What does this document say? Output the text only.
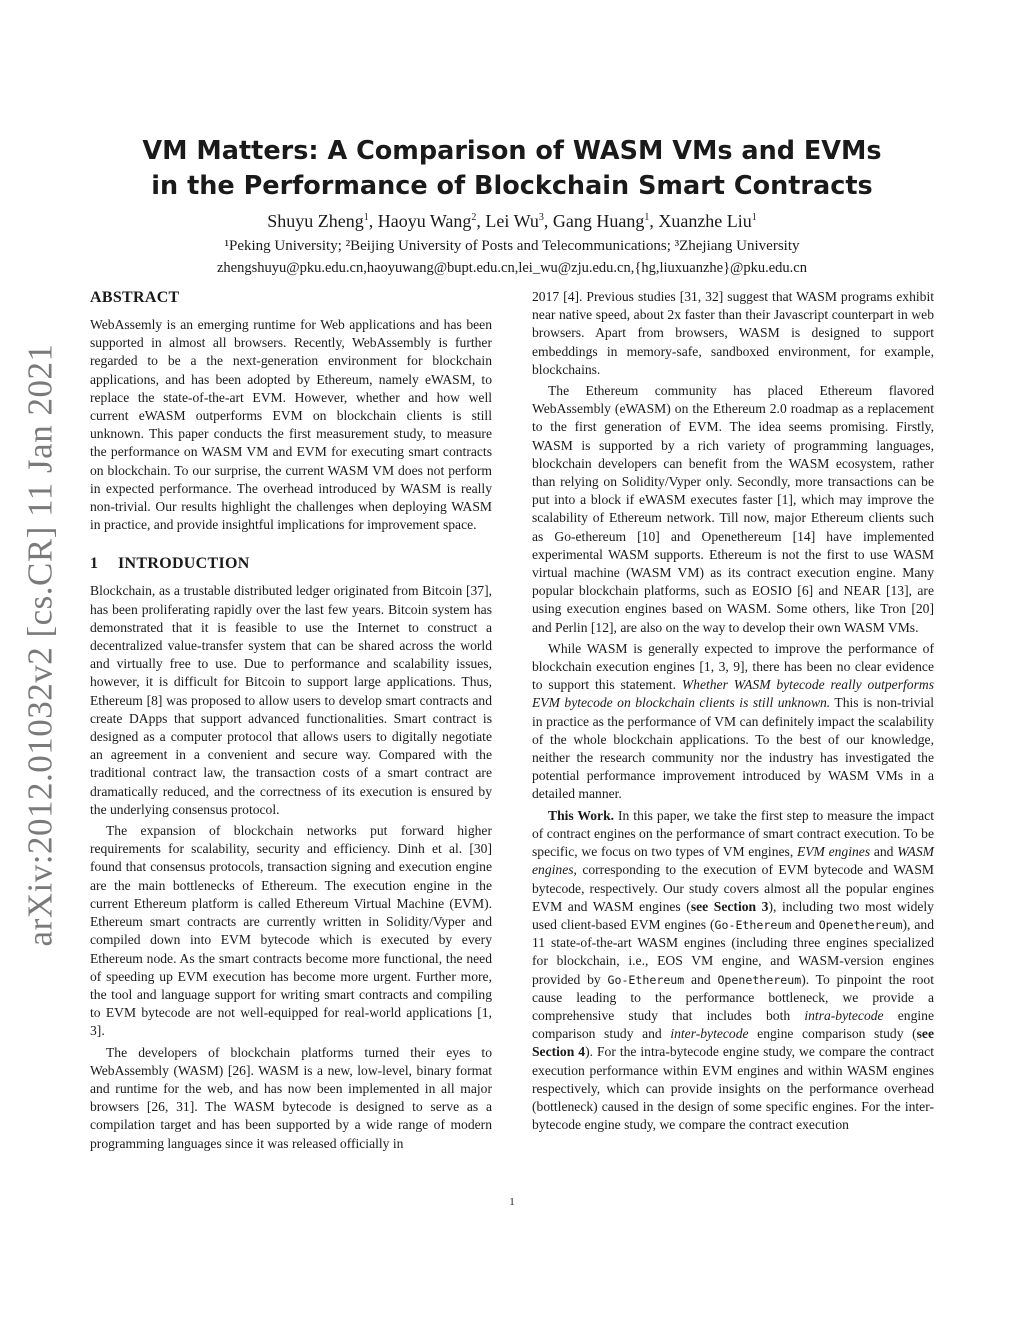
arXiv:2012.01032v2 [cs.CR] 11 Jan 2021
VM Matters: A Comparison of WASM VMs and EVMs
in the Performance of Blockchain Smart Contracts
Shuyu Zheng$^1$, Haoyu Wang$^2$, Lei Wu$^3$, Gang Huang$^1$, Xuanzhe Liu$^1$
¹Peking University; ²Beijing University of Posts and Telecommunications; ³Zhejiang University
zhengshuyu@pku.edu.cn,haoyuwang@bupt.edu.cn,lei_wu@zju.edu.cn,{hg,liuxuanzhe}@pku.edu.cn
ABSTRACT

WebAssemly is an emerging runtime for Web applications and has been supported in almost all browsers. Recently, WebAssembly is further regarded to be a the next-generation environment for blockchain applications, and has been adopted by Ethereum, namely eWASM, to replace the state-of-the-art EVM. However, whether and how well current eWASM outperforms EVM on blockchain clients is still unknown. This paper conducts the first measurement study, to measure the performance on WASM VM and EVM for executing smart contracts on blockchain. To our surprise, the current WASM VM does not perform in expected performance. The overhead introduced by WASM is really non-trivial. Our results highlight the challenges when deploying WASM in practice, and provide insightful implications for improvement space.

1 INTRODUCTION

Blockchain, as a trustable distributed ledger originated from Bitcoin [37], has been proliferating rapidly over the last few years. Bitcoin system has demonstrated that it is feasible to use the Internet to construct a decentralized value-transfer system that can be shared across the world and virtually free to use. Due to performance and scalability issues, however, it is difficult for Bitcoin to support large applications. Thus, Ethereum [8] was proposed to allow users to develop smart contracts and create DApps that support advanced functionalities. Smart contract is designed as a computer protocol that allows users to digitally negotiate an agreement in a convenient and secure way. Compared with the traditional contract law, the transaction costs of a smart contract are dramatically reduced, and the correctness of its execution is ensured by the underlying consensus protocol.

The expansion of blockchain networks put forward higher requirements for scalability, security and efficiency. Dinh et al. [30] found that consensus protocols, transaction signing and execution engine are the main bottlenecks of Ethereum. The execution engine in the current Ethereum platform is called Ethereum Virtual Machine (EVM). Ethereum smart contracts are currently written in Solidity/Vyper and compiled down into EVM bytecode which is executed by every Ethereum node. As the smart contracts become more functional, the need of speeding up EVM execution has become more urgent. Further more, the tool and language support for writing smart contracts and compiling to EVM bytecode are not well-equipped for real-world applications [1, 3].

The developers of blockchain platforms turned their eyes to WebAssembly (WASM) [26]. WASM is a new, low-level, binary format and runtime for the web, and has now been implemented in all major browsers [26, 31]. The WASM bytecode is designed to serve as a compilation target and has been supported by a wide range of modern programming languages since it was released officially in

2017 [4]. Previous studies [31, 32] suggest that WASM programs exhibit near native speed, about 2x faster than their Javascript counterpart in web browsers. Apart from browsers, WASM is designed to support embeddings in memory-safe, sandboxed environment, for example, blockchains.

The Ethereum community has placed Ethereum flavored WebAssembly (eWASM) on the Ethereum 2.0 roadmap as a replacement to the first generation of EVM. The idea seems promising. Firstly, WASM is supported by a rich variety of programming languages, blockchain developers can benefit from the WASM ecosystem, rather than relying on Solidity/Vyper only. Secondly, more transactions can be put into a block if eWASM executes faster [1], which may improve the scalability of Ethereum network. Till now, major Ethereum clients such as Go-ethereum [10] and Openethereum [14] have implemented experimental WASM supports. Ethereum is not the first to use WASM virtual machine (WASM VM) as its contract execution engine. Many popular blockchain platforms, such as EOSIO [6] and NEAR [13], are using execution engines based on WASM. Some others, like Tron [20] and Perlin [12], are also on the way to develop their own WASM VMs.

While WASM is generally expected to improve the performance of blockchain execution engines [1, 3, 9], there has been no clear evidence to support this statement. Whether WASM bytecode really outperforms EVM bytecode on blockchain clients is still unknown. This is non-trivial in practice as the performance of VM can definitely impact the scalability of the whole blockchain applications. To the best of our knowledge, neither the research community nor the industry has investigated the potential performance improvement introduced by WASM VMs in a detailed manner.

This Work. In this paper, we take the first step to measure the impact of contract engines on the performance of smart contract execution. To be specific, we focus on two types of VM engines, EVM engines and WASM engines, corresponding to the execution of EVM bytecode and WASM bytecode, respectively. Our study covers almost all the popular engines EVM and WASM engines (see Section 3), including two most widely used client-based EVM engines (Go-Ethereum and Openethereum), and 11 state-of-the-art WASM engines (including three engines specialized for blockchain, i.e., EOS VM engine, and WASM-version engines provided by Go-Ethereum and Openethereum). To pinpoint the root cause leading to the performance bottleneck, we provide a comprehensive study that includes both intra-bytecode engine comparison study and inter-bytecode engine comparison study (see Section 4). For the intra-bytecode engine study, we compare the contract execution performance within EVM engines and within WASM engines respectively, which can provide insights on the performance overhead (bottleneck) caused in the design of some specific engines. For the inter-bytecode engine study, we compare the contract execution

1
